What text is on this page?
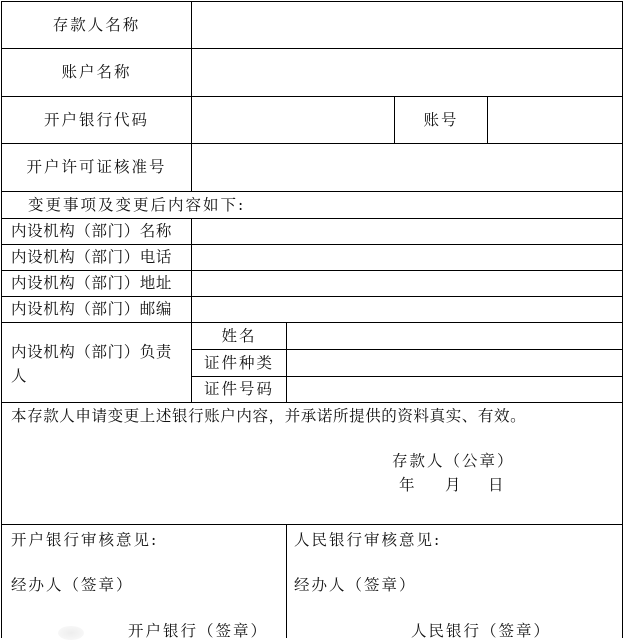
存款人名称
账户名称
开户银行代码	账号
开户许可证核准号
变更事项及变更后内容如下:
内设机构（部门）名称
内设机构（部门）电话
内设机构（部门）地址
内设机构（部门）邮编
内设机构（部门）负责
人
姓名
证件种类
证件号码
本存款人申请变更上述银行账户内容，并承诺所提供的资料真实、有效。
存款人（公章）
年 月 日
开户银行审核意见:	人民银行审核意见:
经办人（签章）	经办人（签章）
开户银行（签章）	人民银行（签章）
